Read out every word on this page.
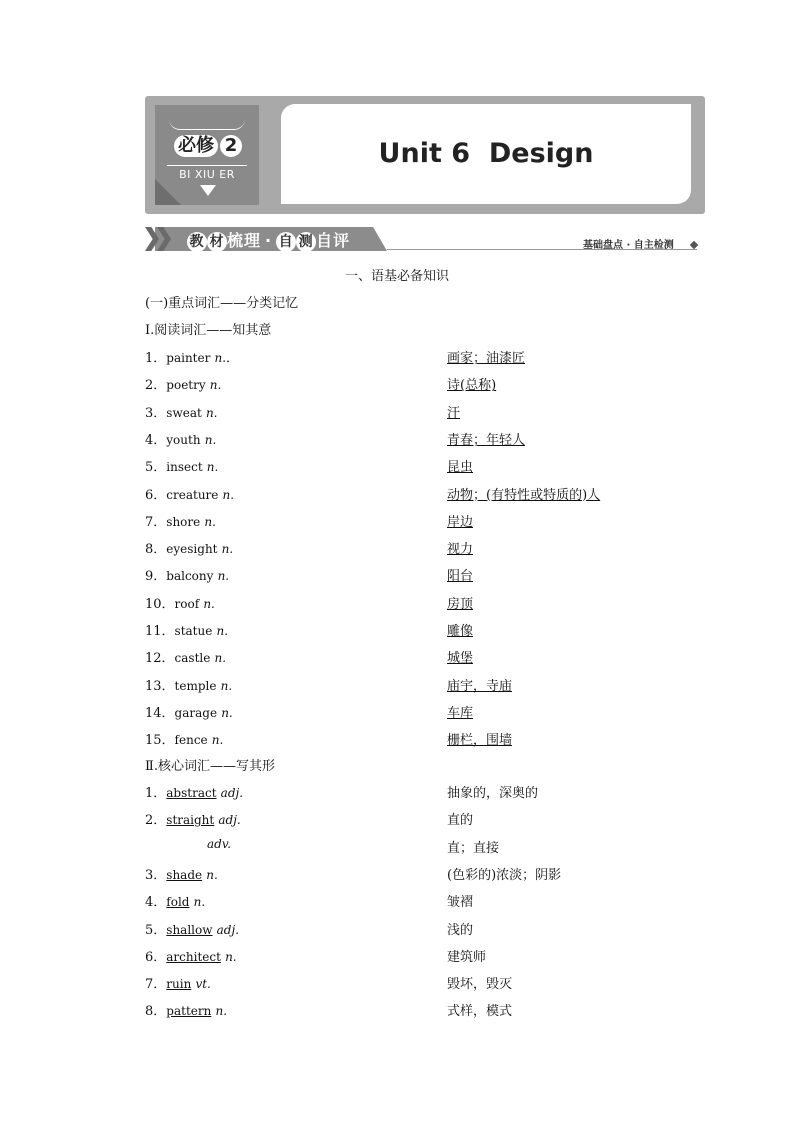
必修 2
BI XIU ER
Unit 6  Design
教 材 梳理 · 自 测 自评	基础盘点 · 自主检测
一、语基必备知识
(一)重点词汇——分类记忆
Ⅰ.阅读词汇——知其意
1．painter n.．	画家；油漆匠
2．poetry n.	诗(总称)
3．sweat n.	汗
4．youth n.	青春；年轻人
5．insect n.	昆虫
6．creature n.	动物；(有特性或特质的)人
7．shore n.	岸边
8．eyesight n.	视力
9．balcony n.	阳台
10．roof n.	房顶
11．statue n.	雕像
12．castle n.	城堡
13．temple n.	庙宇，寺庙
14．garage n.	车库
15．fence n.	栅栏，围墙
Ⅱ.核心词汇——写其形
1．abstract adj.	抽象的，深奥的
2．straight adj.	直的
adv.	直；直接
3．shade n.	(色彩的)浓淡；阴影
4．fold n.	皱褶
5．shallow adj.	浅的
6．architect n.	建筑师
7．ruin vt.	毁坏，毁灭
8．pattern n.	式样，模式
